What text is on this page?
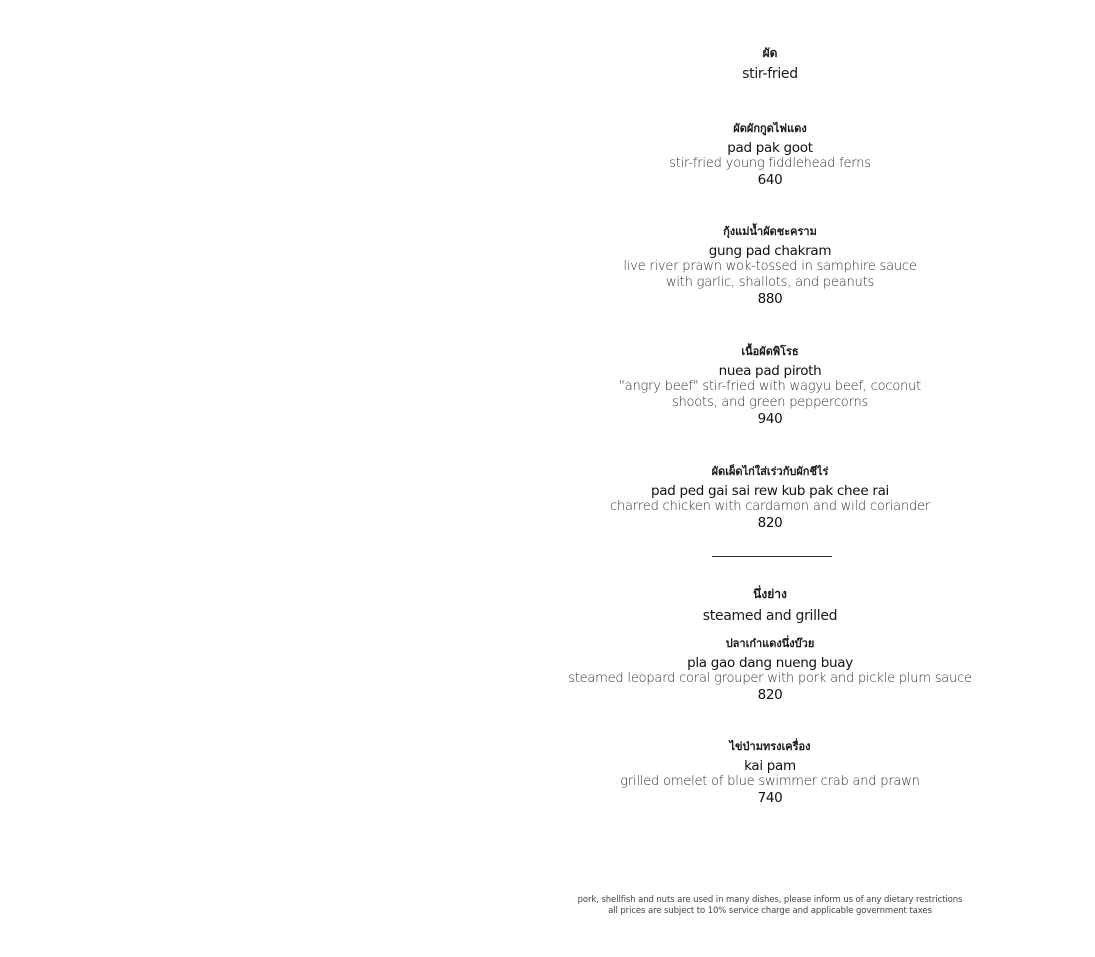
ผัด
stir-fried
ผัดผักกูดไฟแดง
pad pak goot
stir-fried young fiddlehead ferns
640
กุ้งแม่น้ำผัดชะคราม
gung pad chakram
live river prawn wok-tossed in samphire sauce
with garlic, shallots, and peanuts
880
เนื้อผัดพิโรธ
nuea pad piroth
"angry beef" stir-fried with wagyu beef, coconut
shoots, and green peppercorns
940
ผัดเผ็ดไก่ใส่เร่วกับผักชีไร่
pad ped gai sai rew kub pak chee rai
charred chicken with cardamon and wild coriander
820
นึ่งย่าง
steamed and grilled
ปลาเก๋าแดงนึ่งบ๊วย
pla gao dang nueng buay
steamed leopard coral grouper with pork and pickle plum sauce
820
ไข่ป่ามทรงเครื่อง
kai pam
grilled omelet of blue swimmer crab and prawn
740
pork, shellfish and nuts are used in many dishes, please inform us of any dietary restrictions
all prices are subject to 10% service charge and applicable government taxes
